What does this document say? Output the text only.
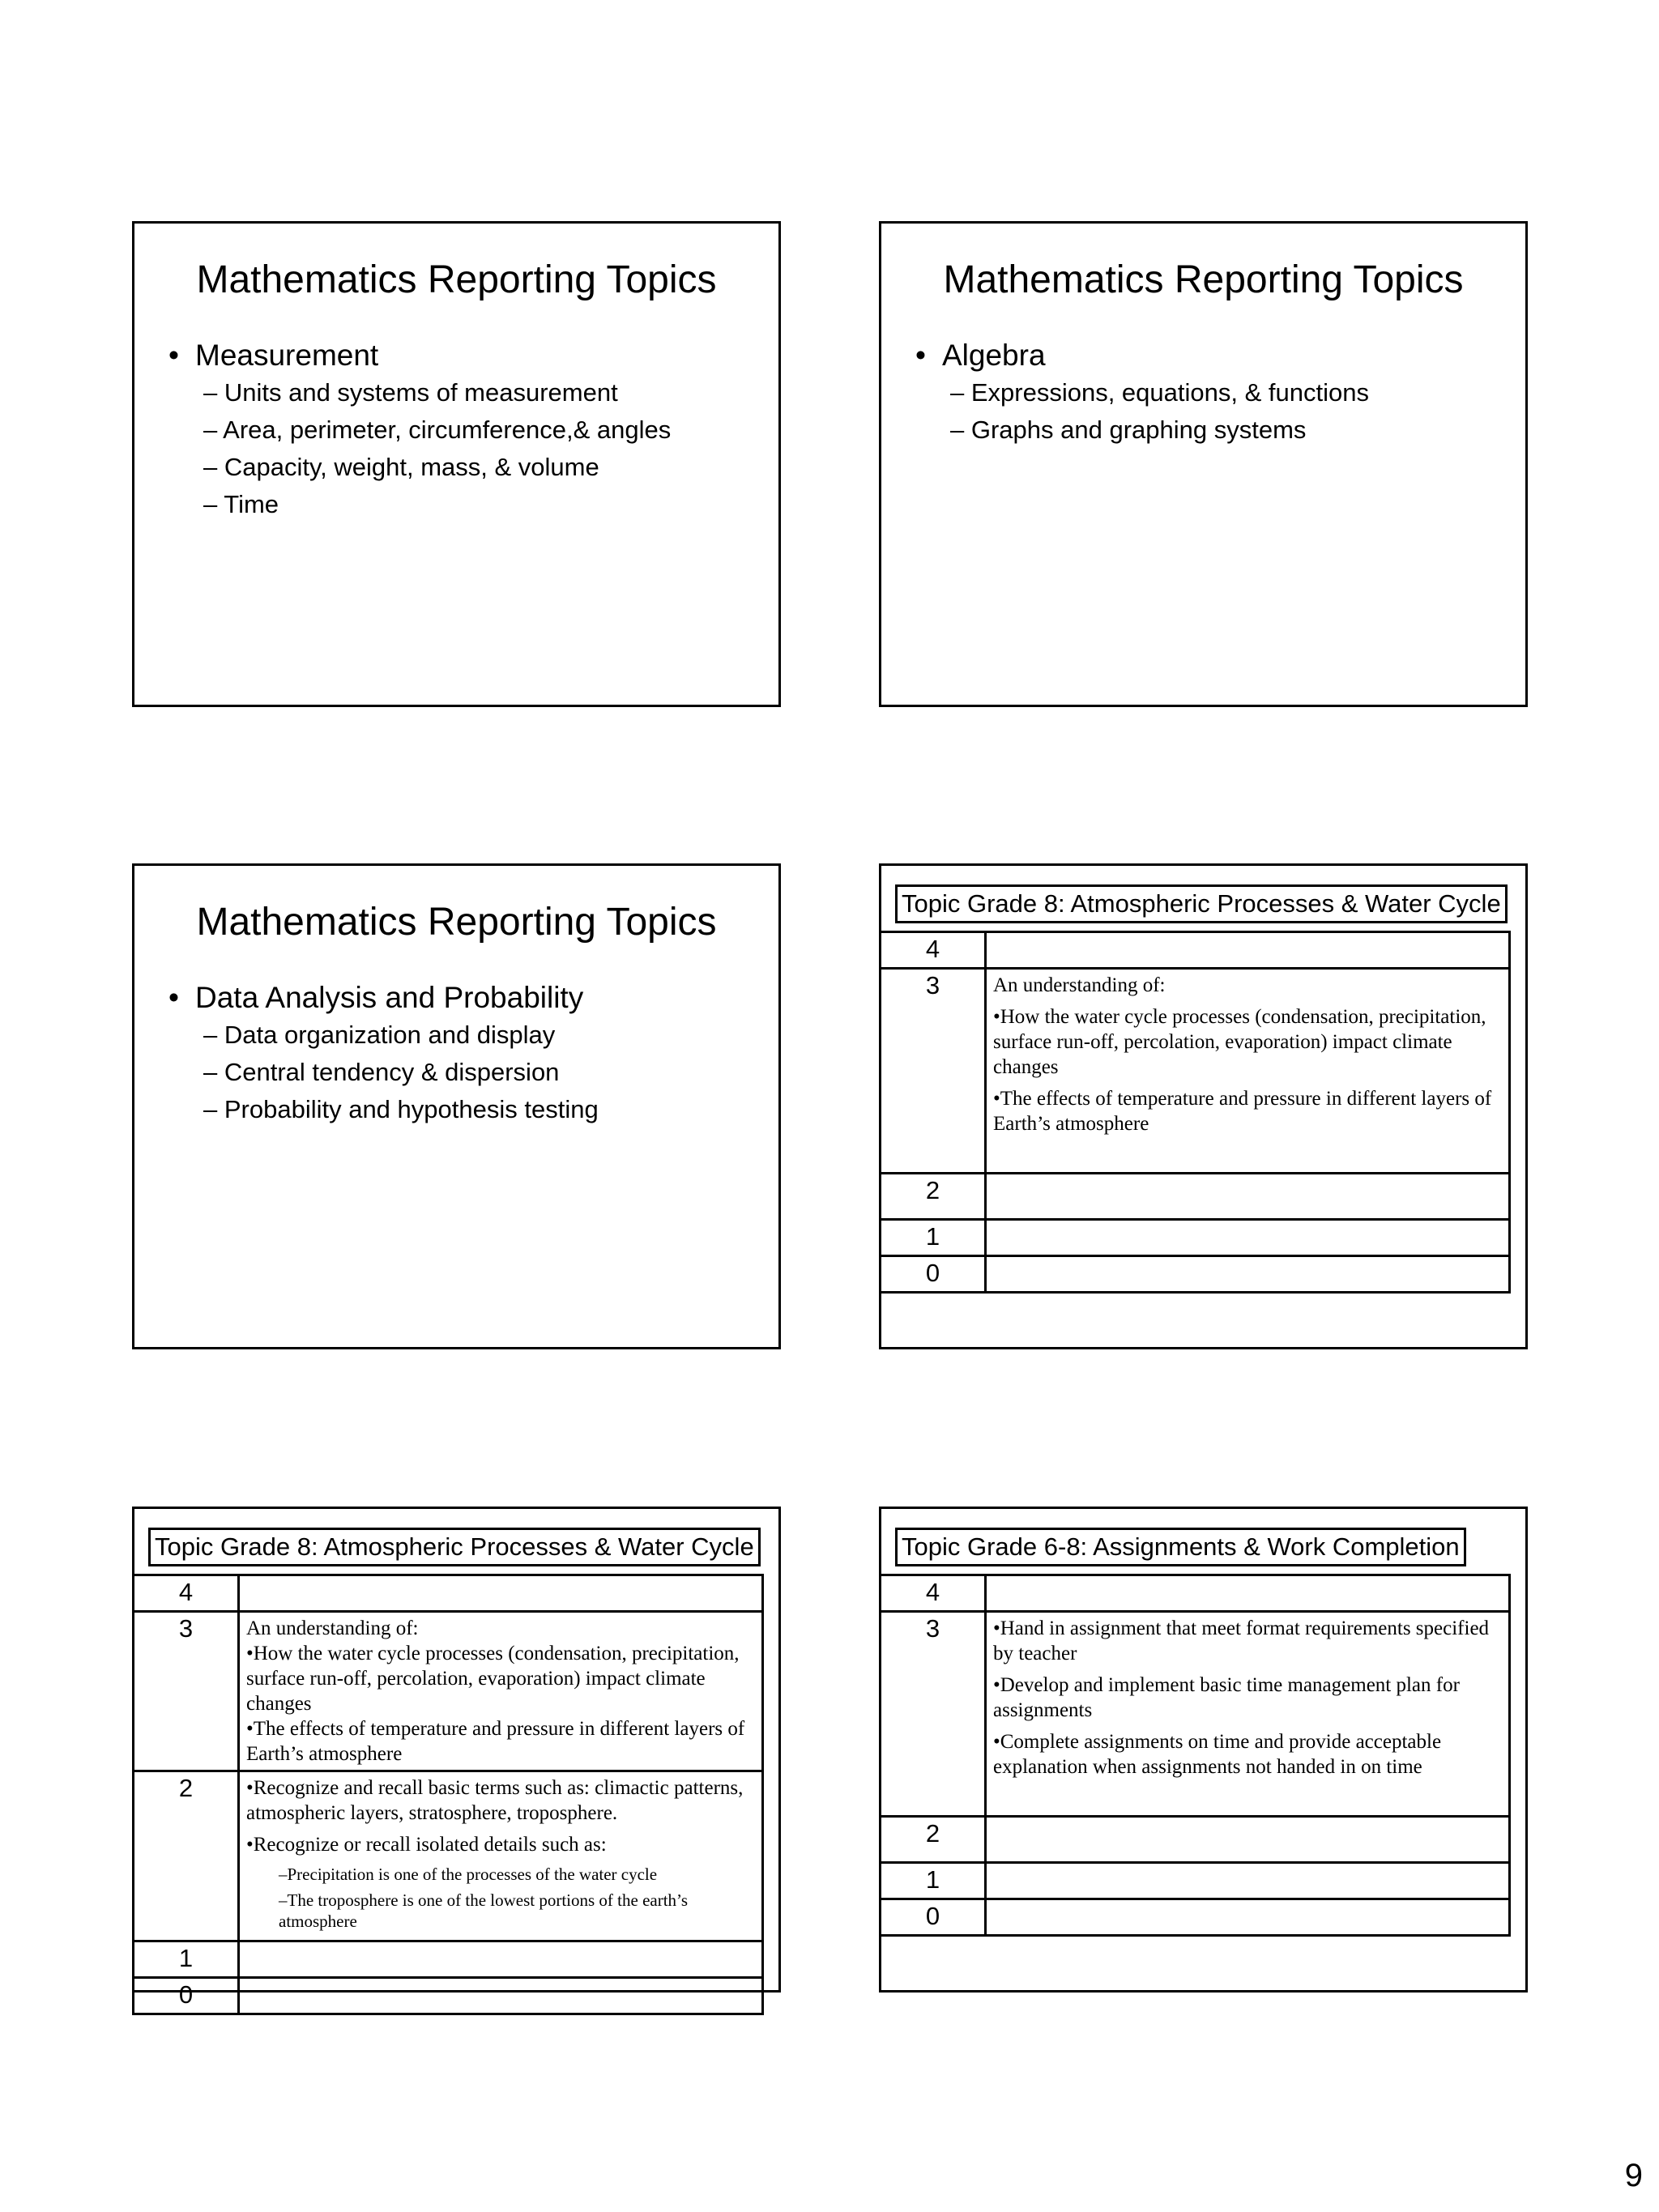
Mathematics Reporting Topics
• Measurement
– Units and systems of measurement
– Area, perimeter, circumference,& angles
– Capacity, weight, mass, & volume
– Time
Mathematics Reporting Topics
• Algebra
– Expressions, equations, & functions
– Graphs and graphing systems
Mathematics Reporting Topics
• Data Analysis and Probability
– Data organization and display
– Central tendency & dispersion
– Probability and hypothesis testing
Topic Grade 8: Atmospheric Processes & Water Cycle
4	
3	An understanding of:

•How the water cycle processes (condensation, precipitation, surface run-off, percolation, evaporation) impact climate changes

•The effects of temperature and pressure in different layers of Earth’s atmosphere

2	
1	
0	
Topic Grade 8: Atmospheric Processes & Water Cycle
4	
3	An understanding of:

•How the water cycle processes (condensation, precipitation, surface run-off, percolation, evaporation) impact climate changes

•The effects of temperature and pressure in different layers of Earth’s atmosphere

2	•Recognize and recall basic terms such as: climactic patterns, atmospheric layers, stratosphere, troposphere.

•Recognize or recall isolated details such as:

–Precipitation is one of the processes of the water cycle

–The troposphere is one of the lowest portions of the earth’s atmosphere

1	
0	
Topic Grade 6-8: Assignments & Work Completion
4	
3	•Hand in assignment that meet format requirements specified by teacher

•Develop and implement basic time management plan for assignments

•Complete assignments on time and provide acceptable explanation when assignments not handed in on time

2	
1	
0	
9
